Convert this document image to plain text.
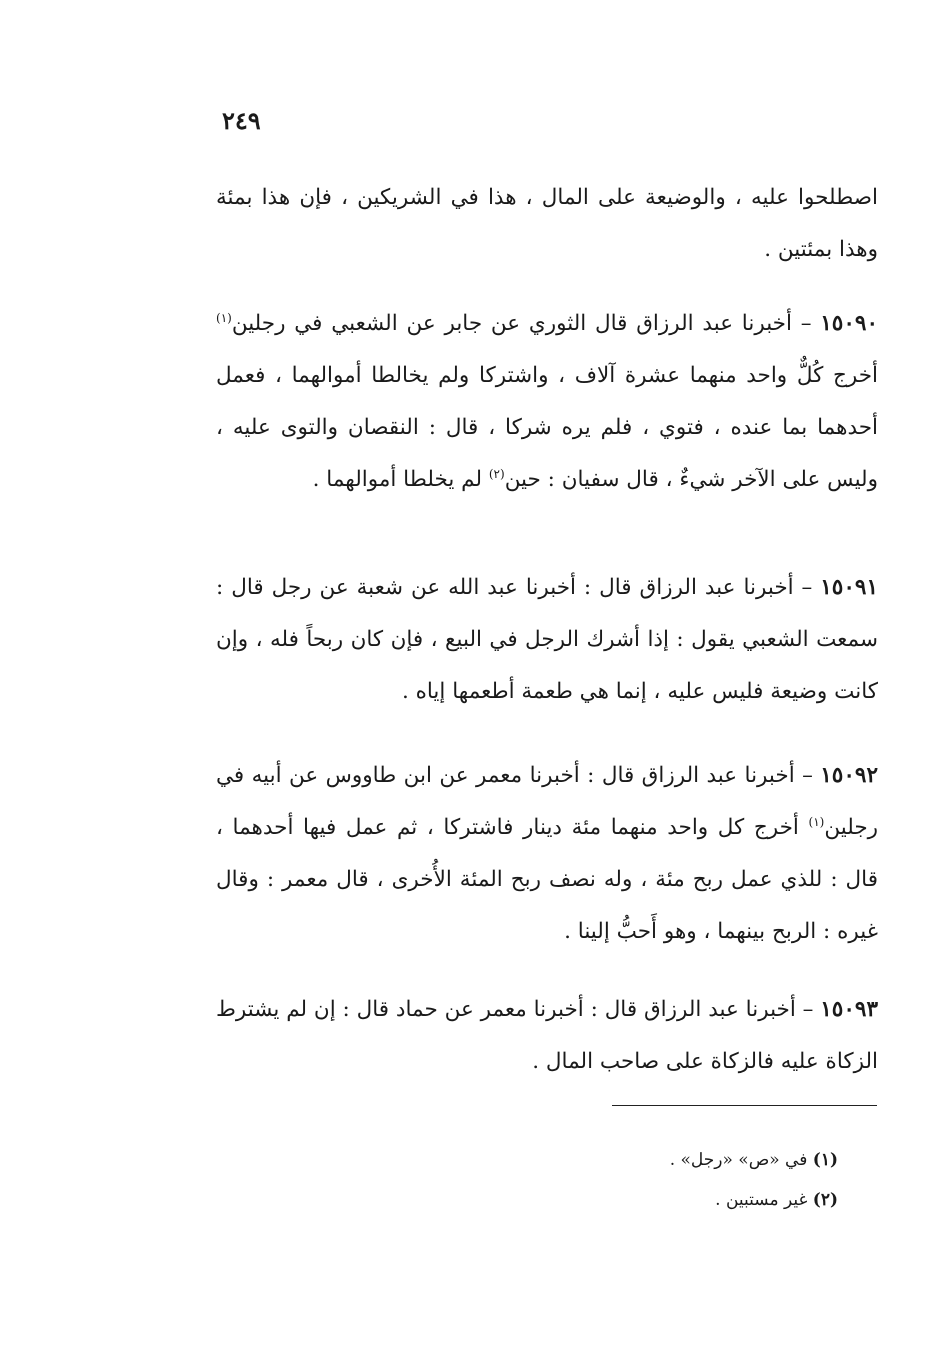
٢٤٩

اصطلحوا عليه ، والوضيعة على المال ، هذا في الشريكين ، فإن هذا بمئة وهذا بمئتين .

١٥٠٩٠ – أخبرنا عبد الرزاق قال الثوري عن جابر عن الشعبي في رجلين$^{(١)}$ أخرج كُلٌّ واحد منهما عشرة آلاف ، واشتركا ولم يخالطا أموالهما ، فعمل أحدهما بما عنده ، فتوي ، فلم يره شركا ، قال : النقصان والتوى عليه ، وليس على الآخر شيءٌ ، قال سفيان : حين$^{(٢)}$ لم يخلطا أموالهما .

١٥٠٩١ – أخبرنا عبد الرزاق قال : أخبرنا عبد الله عن شعبة عن رجل قال : سمعت الشعبي يقول : إذا أشرك الرجل في البيع ، فإن كان ربحاً فله ، وإن كانت وضيعة فليس عليه ، إنما هي طعمة أطعمها إياه .

١٥٠٩٢ – أخبرنا عبد الرزاق قال : أخبرنا معمر عن ابن طاووس عن أبيه في رجلين$^{(١)}$ أخرج كل واحد منهما مئة دينار فاشتركا ، ثم عمل فيها أحدهما ، قال : للذي عمل ربح مئة ، وله نصف ربح المئة الأُخرى ، قال معمر : وقال غيره : الربح بينهما ، وهو أَحبُّ إلينا .

١٥٠٩٣ – أخبرنا عبد الرزاق قال : أخبرنا معمر عن حماد قال : إن لم يشترط الزكاة عليه فالزكاة على صاحب المال .

(١) في «ص» «رجل» .

(٢) غير مستبين .
